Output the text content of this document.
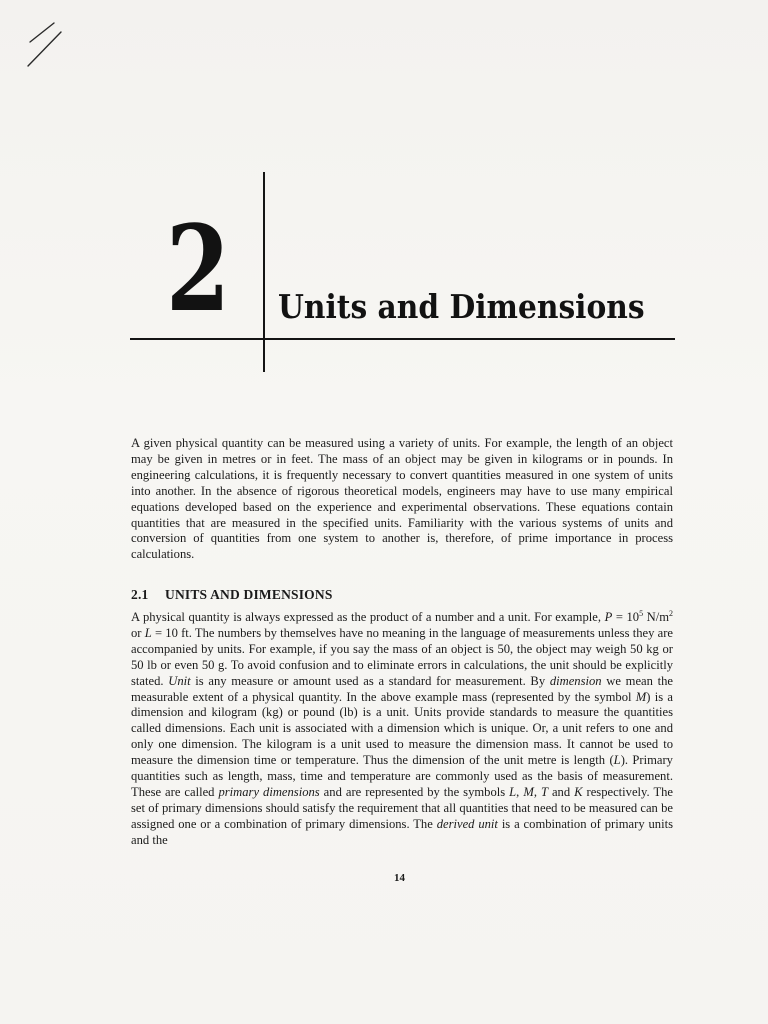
2 Units and Dimensions

A given physical quantity can be measured using a variety of units. For example, the length of an object may be given in metres or in feet. The mass of an object may be given in kilograms or in pounds. In engineering calculations, it is frequently necessary to convert quantities measured in one system of units into another. In the absence of rigorous theoretical models, engineers may have to use many empirical equations developed based on the experience and experimental observations. These equations contain quantities that are measured in the specified units. Familiarity with the various systems of units and conversion of quantities from one system to another is, therefore, of prime importance in process calculations.

2.1 UNITS AND DIMENSIONS

A physical quantity is always expressed as the product of a number and a unit. For example, $P = 10^5$ $N/m^2$ or L = 10 ft. The numbers by themselves have no meaning in the language of measurements unless they are accompanied by units. For example, if you say the mass of an object is 50, the object may weigh 50 kg or 50 lb or even 50 g. To avoid confusion and to eliminate errors in calculations, the unit should be explicitly stated. Unit is any measure or amount used as a standard for measurement. By dimension we mean the measurable extent of a physical quantity. In the above example mass (represented by the symbol M) is a dimension and kilogram (kg) or pound (lb) is a unit. Units provide standards to measure the quantities called dimensions. Each unit is associated with a dimension which is unique. Or, a unit refers to one and only one dimension. The kilogram is a unit used to measure the dimension mass. It cannot be used to measure the dimension time or temperature. Thus the dimension of the unit metre is length (L). Primary quantities such as length, mass, time and temperature are commonly used as the basis of measurement. These are called primary dimensions and are represented by the symbols L, M, T and K respectively. The set of primary dimensions should satisfy the requirement that all quantities that need to be measured can be assigned one or a combination of primary dimensions. The derived unit is a combination of primary units and the

14
